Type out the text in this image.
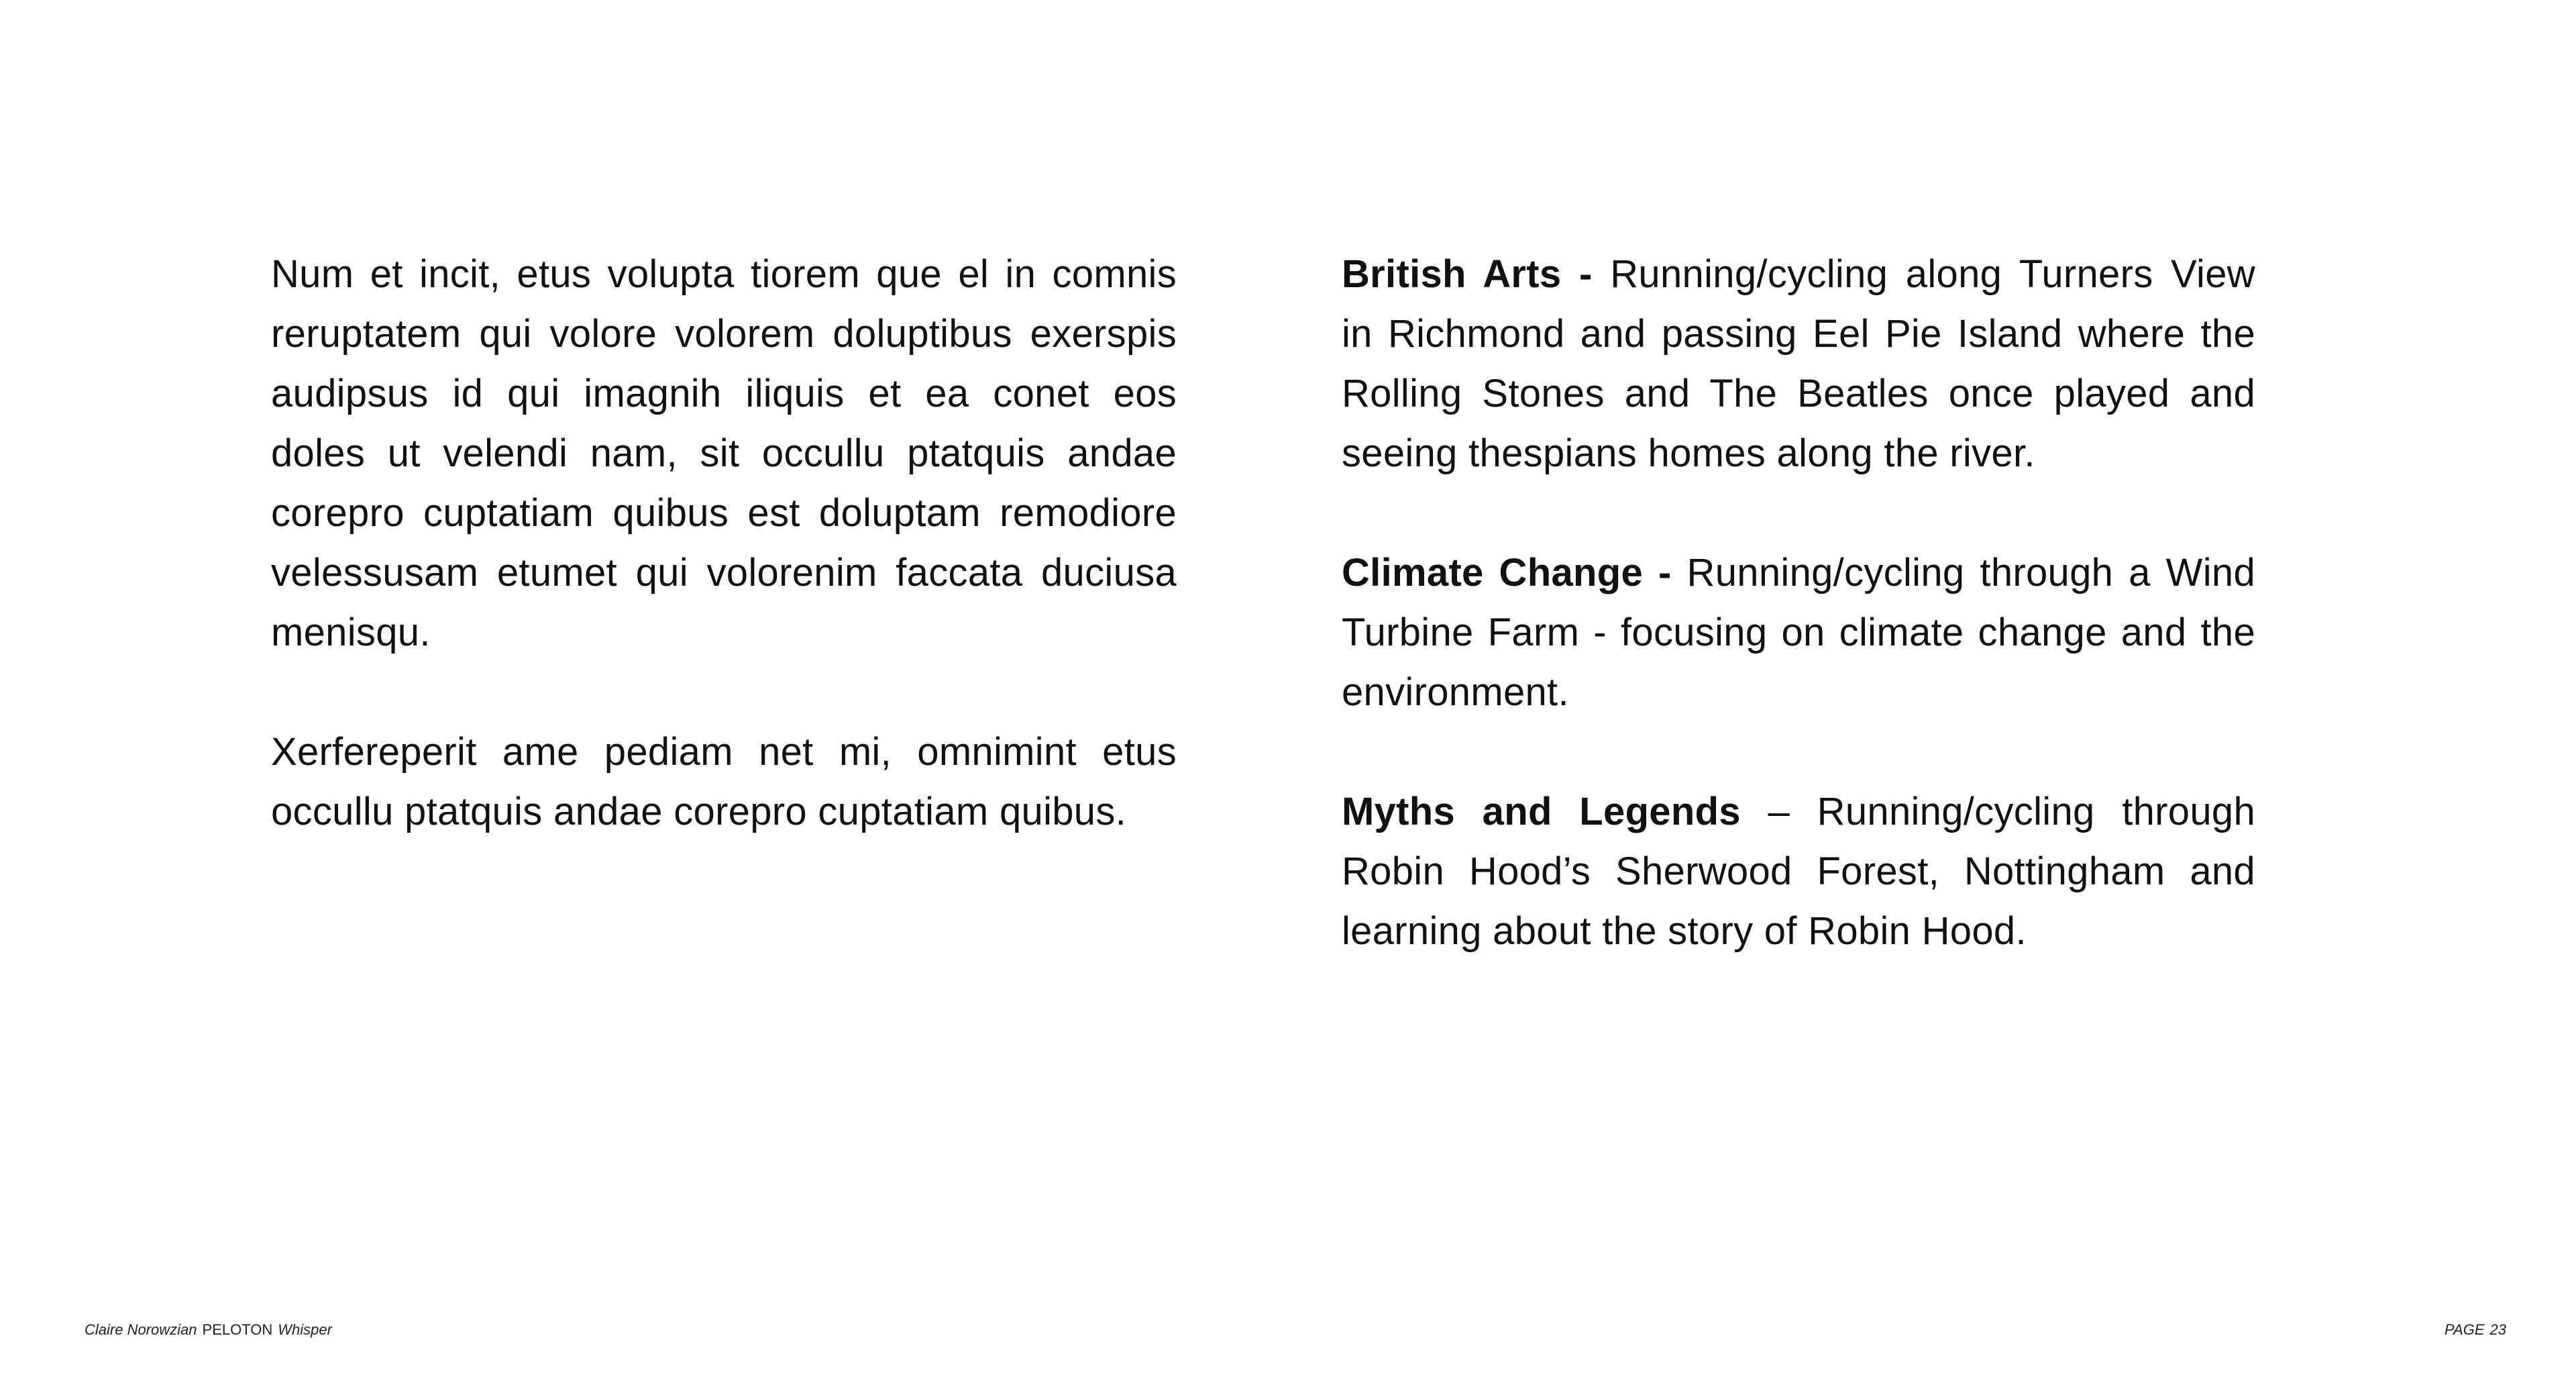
Num et incit, etus volupta tiorem que el in comnis reruptatem qui volore volorem doluptibus exerspis audipsus id qui imagnih iliquis et ea conet eos doles ut velendi nam, sit occullu ptatquis andae corepro cuptatiam quibus est doluptam remodiore velessusam etumet qui volorenim faccata duciusa menisqu.

Xerfereperit ame pediam net mi, omnimint etus occullu ptatquis andae corepro cuptatiam quibus.

British Arts - Running/cycling along Turners View in Richmond and passing Eel Pie Island where the Rolling Stones and The Beatles once played and seeing thespians homes along the river.

Climate Change - Running/cycling through a Wind Turbine Farm - focusing on climate change and the environment.

Myths and Legends – Running/cycling through Robin Hood’s Sherwood Forest, Nottingham and learning about the story of Robin Hood.

Claire Norowzian PELOTON Whisper	PAGE 23
